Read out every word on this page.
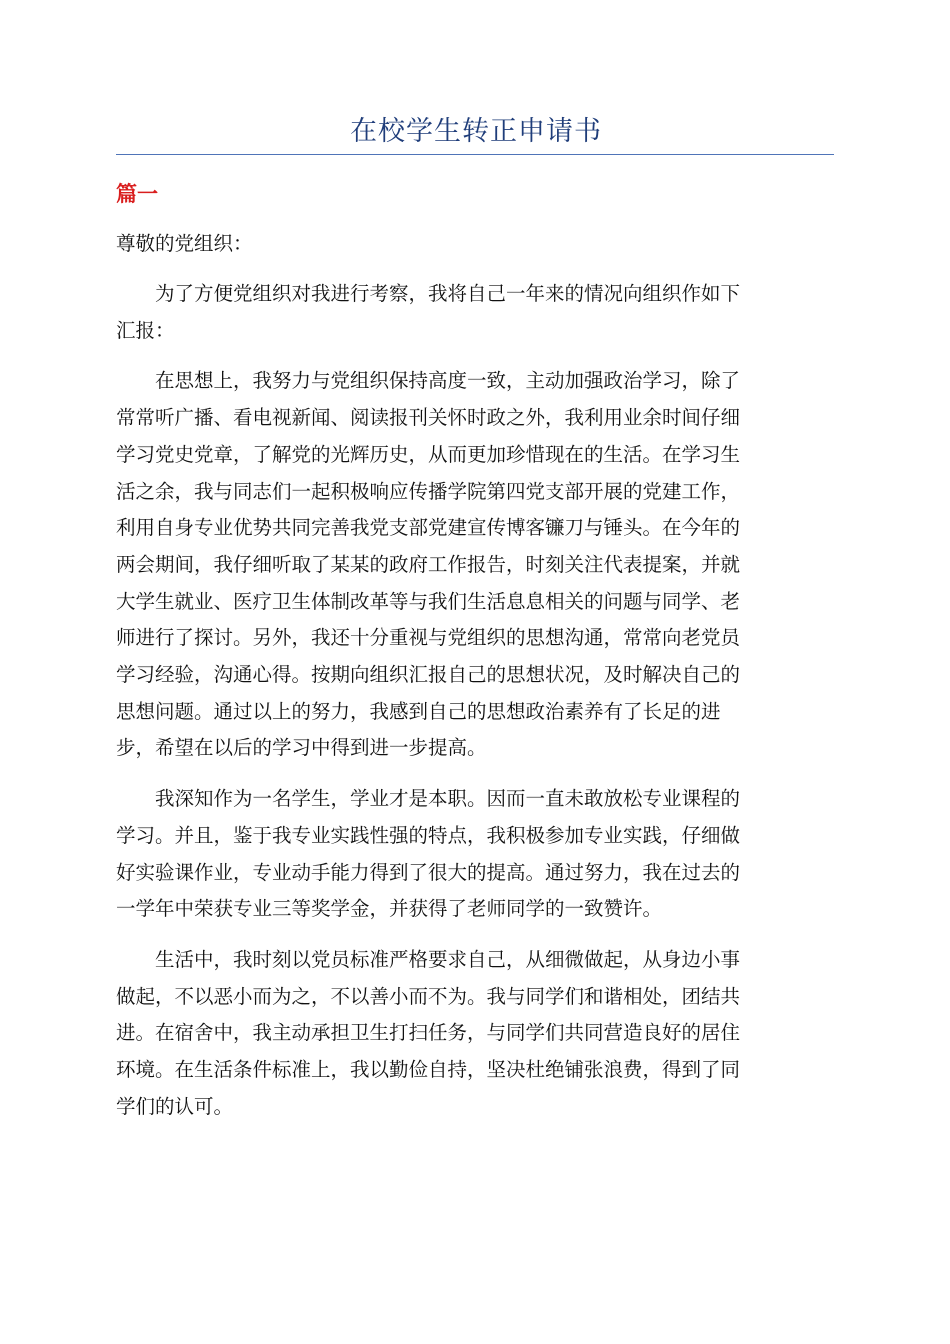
在校学生转正申请书
篇一
尊敬的党组织：

为了方便党组织对我进行考察，我将自己一年来的情况向组织作如下
汇报：

在思想上，我努力与党组织保持高度一致，主动加强政治学习，除了
常常听广播、看电视新闻、阅读报刊关怀时政之外，我利用业余时间仔细
学习党史党章，了解党的光辉历史，从而更加珍惜现在的生活。在学习生
活之余，我与同志们一起积极响应传播学院第四党支部开展的党建工作，
利用自身专业优势共同完善我党支部党建宣传博客镰刀与锤头。在今年的
两会期间，我仔细听取了某某的政府工作报告，时刻关注代表提案，并就
大学生就业、医疗卫生体制改革等与我们生活息息相关的问题与同学、老
师进行了探讨。另外，我还十分重视与党组织的思想沟通，常常向老党员
学习经验，沟通心得。按期向组织汇报自己的思想状况，及时解决自己的
思想问题。通过以上的努力，我感到自己的思想政治素养有了长足的进
步，希望在以后的学习中得到进一步提高。

我深知作为一名学生，学业才是本职。因而一直未敢放松专业课程的
学习。并且，鉴于我专业实践性强的特点，我积极参加专业实践，仔细做
好实验课作业，专业动手能力得到了很大的提高。通过努力，我在过去的
一学年中荣获专业三等奖学金，并获得了老师同学的一致赞许。

生活中，我时刻以党员标准严格要求自己，从细微做起，从身边小事
做起，不以恶小而为之，不以善小而不为。我与同学们和谐相处，团结共
进。在宿舍中，我主动承担卫生打扫任务，与同学们共同营造良好的居住
环境。在生活条件标准上，我以勤俭自持，坚决杜绝铺张浪费，得到了同
学们的认可。
